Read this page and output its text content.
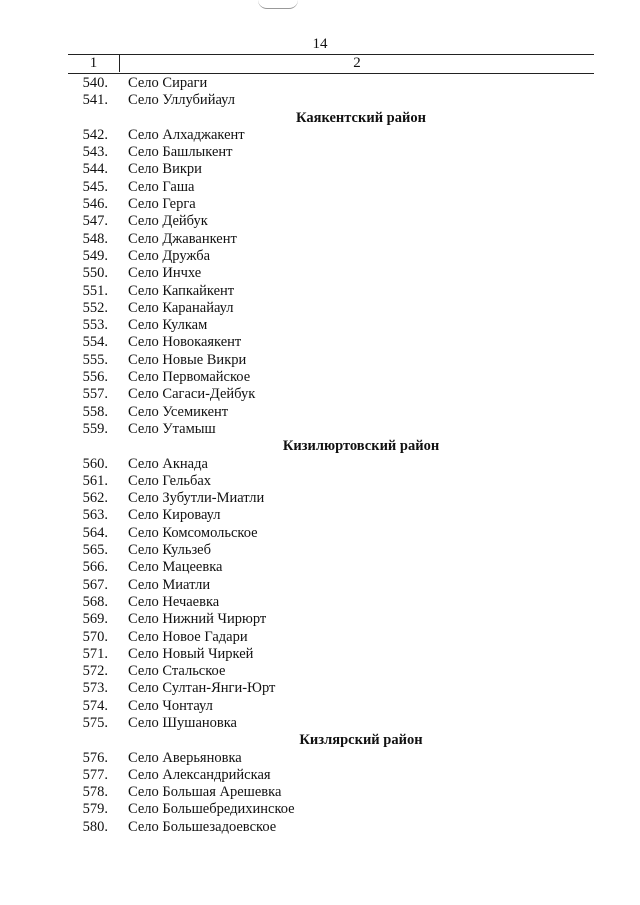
14
1	2
540. Село Сираги
541. Село Уллубийаул
Каякентский район
542. Село Алхаджакент
543. Село Башлыкент
544. Село Викри
545. Село Гаша
546. Село Герга
547. Село Дейбук
548. Село Джаванкент
549. Село Дружба
550. Село Инчхе
551. Село Капкайкент
552. Село Каранайаул
553. Село Кулкам
554. Село Новокаякент
555. Село Новые Викри
556. Село Первомайское
557. Село Сагаси-Дейбук
558. Село Усемикент
559. Село Утамыш
Кизилюртовский район
560. Село Акнада
561. Село Гельбах
562. Село Зубутли-Миатли
563. Село Кироваул
564. Село Комсомольское
565. Село Кульзеб
566. Село Мацеевка
567. Село Миатли
568. Село Нечаевка
569. Село Нижний Чирюрт
570. Село Новое Гадари
571. Село Новый Чиркей
572. Село Стальское
573. Село Султан-Янги-Юрт
574. Село Чонтаул
575. Село Шушановка
Кизлярский район
576. Село Аверьяновка
577. Село Александрийская
578. Село Большая Арешевка
579. Село Большебредихинское
580. Село Большезадоевское
